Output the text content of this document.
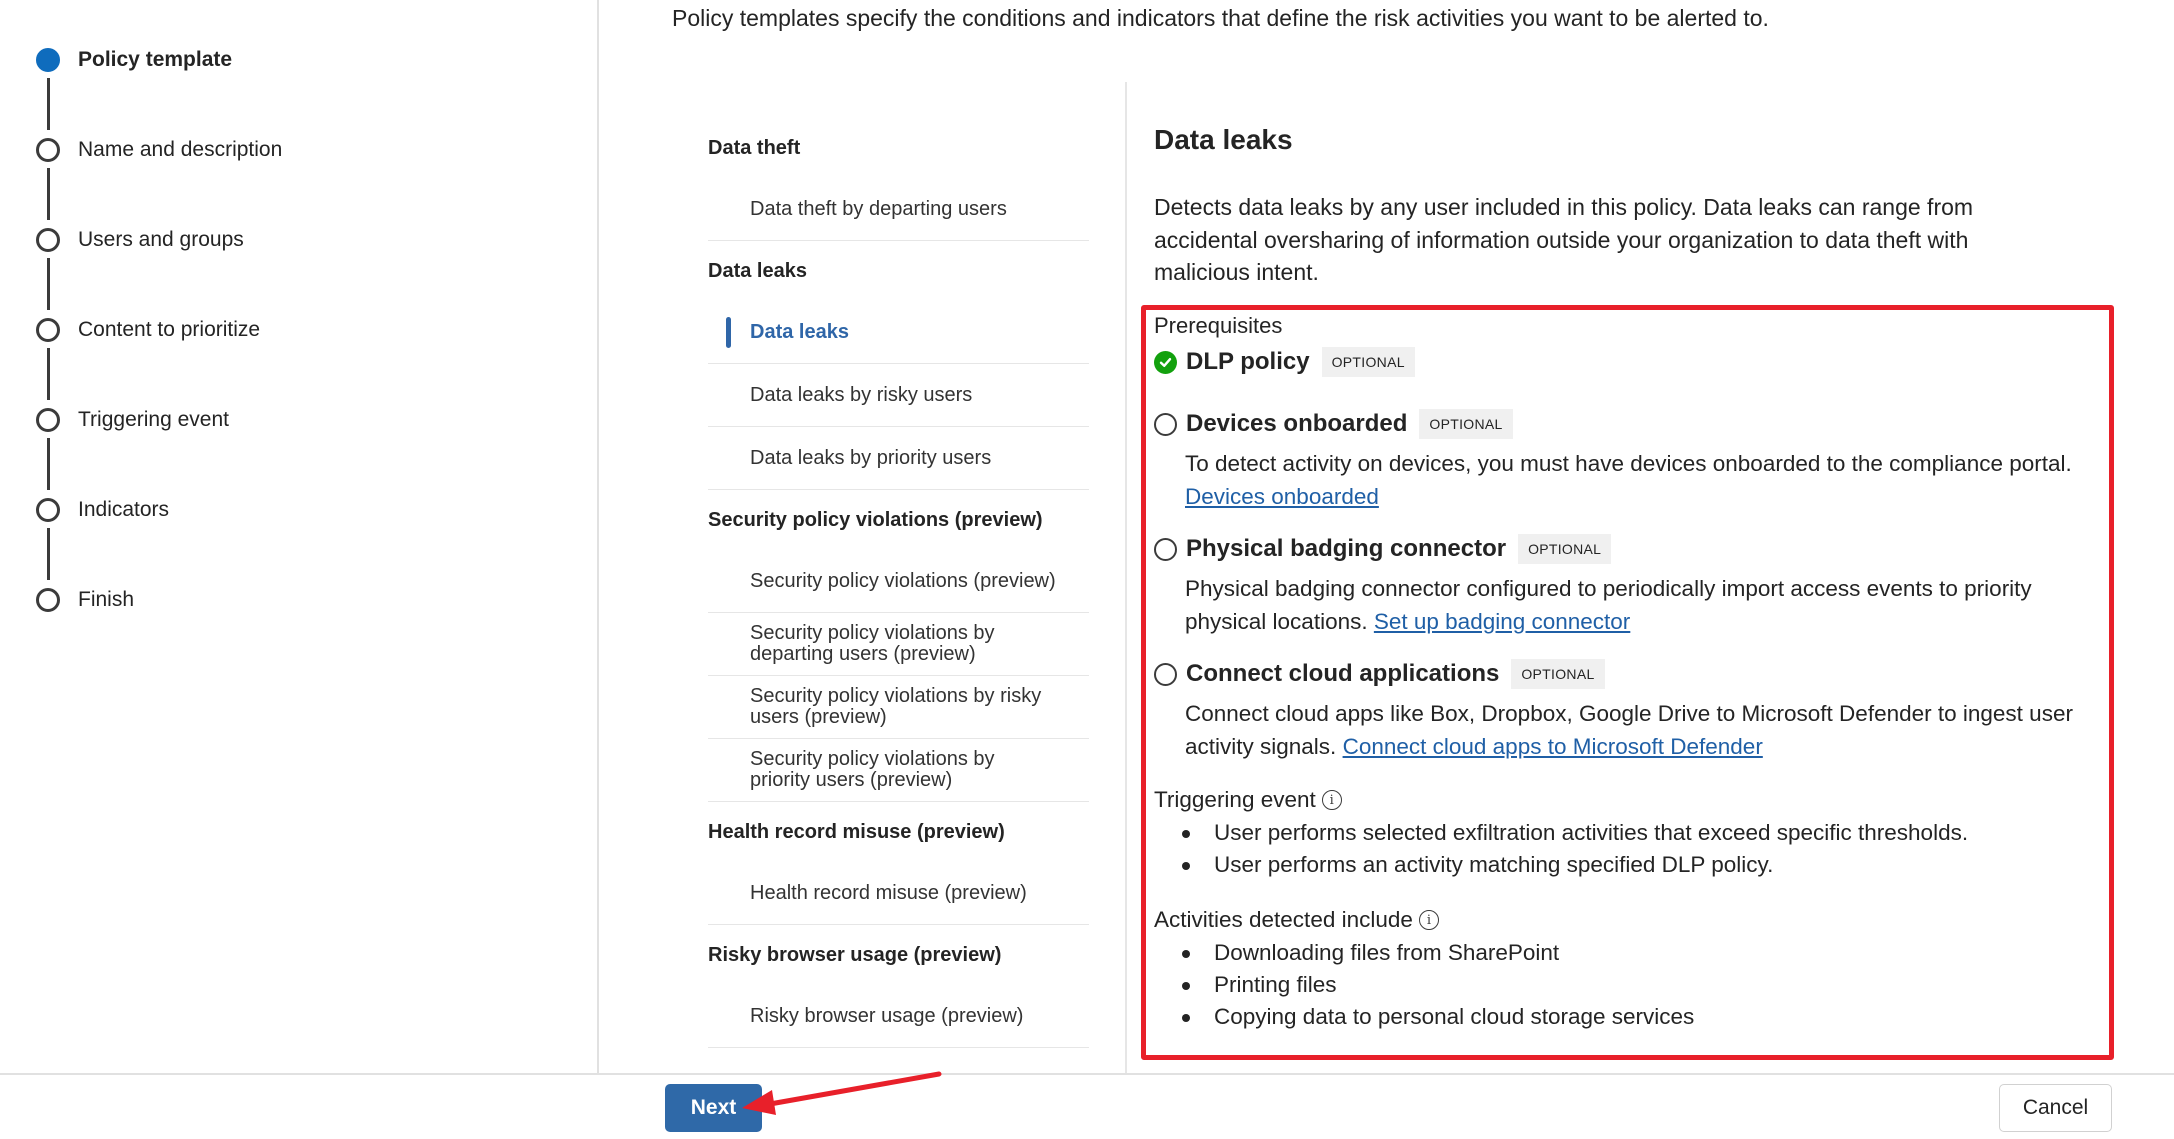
Policy template
Name and description
Users and groups
Content to prioritize
Triggering event
Indicators
Finish

Policy templates specify the conditions and indicators that define the risk activities you want to be alerted to.

Data theft
Data theft by departing users
Data leaks
Data leaks
Data leaks by risky users
Data leaks by priority users
Security policy violations (preview)
Security policy violations (preview)
Security policy violations by departing users (preview)
Security policy violations by risky users (preview)
Security policy violations by priority users (preview)
Health record misuse (preview)
Health record misuse (preview)
Risky browser usage (preview)
Risky browser usage (preview)
Data leaks

Detects data leaks by any user included in this policy. Data leaks can range from accidental oversharing of information outside your organization to data theft with malicious intent.

Prerequisites
DLP policy	OPTIONAL
Devices onboarded	OPTIONAL
To detect activity on devices, you must have devices onboarded to the compliance portal. Devices onboarded
Physical badging connector	OPTIONAL
Physical badging connector configured to periodically import access events to priority physical locations. Set up badging connector
Connect cloud applications	OPTIONAL
Connect cloud apps like Box, Dropbox, Google Drive to Microsoft Defender to ingest user activity signals. Connect cloud apps to Microsoft Defender
Triggering event	i
User performs selected exfiltration activities that exceed specific thresholds.
User performs an activity matching specified DLP policy.
Activities detected include	i
Downloading files from SharePoint
Printing files
Copying data to personal cloud storage services
Next	Cancel
